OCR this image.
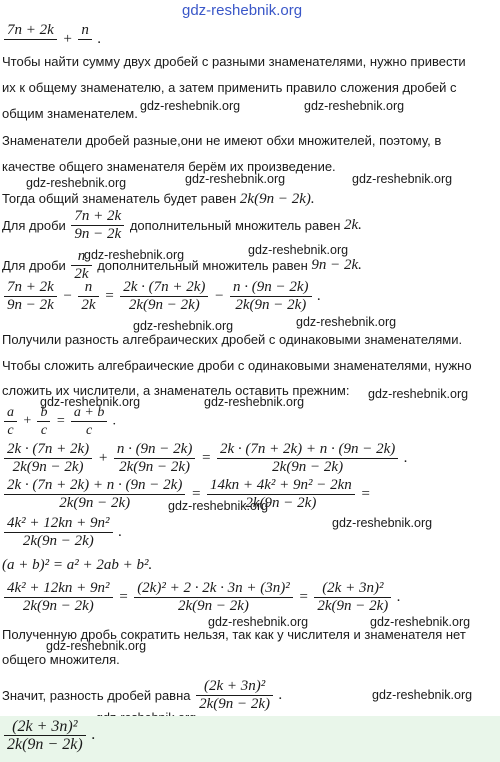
gdz-reshebnik.org
7n + 2k

+
n

.
Чтобы найти сумму двух дробей с разными знаменателями, нужно привести
их к общему знаменателю, а затем применить правило сложения дробей с
общим знаменателем. gdz-reshebnik.org	gdz-reshebnik.org
Знаменатели дробей разные,они не имеют обхи множителей, поэтому, в
качестве общего знаменателя берём их произведение.
gdz-reshebnik.org	gdz-reshebnik.org	gdz-reshebnik.org
Тогда общий знаменатель будет равен 2k(9n − 2k).
Для дроби $\frac{7n + 2k}{9n - 2k}$ дополнительный множитель равен 2k.
gdz-reshebnik.org	gdz-reshebnik.org
Для дроби $\frac{n}{2k}$ дополнительный множитель равен 9n − 2k.
$\frac{7n + 2k}{9n - 2k} - \frac{n}{2k} = \frac{2k \cdot (7n + 2k)}{2k(9n - 2k)} - \frac{n \cdot (9n - 2k)}{2k(9n - 2k)}$ .
gdz-reshebnik.org	gdz-reshebnik.org
Получили разность алгебраических дробей с одинаковыми знаменателями.
Чтобы сложить алгебраические дроби с одинаковыми знаменателями, нужно
сложить их числители, а знаменатель оставить прежним: gdz-reshebnik.org
gdz-reshebnik.org	gdz-reshebnik.org
$\frac{a}{c} + \frac{b}{c} = \frac{a + b}{c}$ .
$\frac{2k \cdot (7n + 2k)}{2k(9n - 2k)} + \frac{n \cdot (9n - 2k)}{2k(9n - 2k)} = \frac{2k \cdot (7n + 2k) + n \cdot (9n - 2k)}{2k(9n - 2k)}$ .
$\frac{2k \cdot (7n + 2k) + n \cdot (9n - 2k)}{2k(9n - 2k)} = \frac{\text{14kn + 4k² + 9n² − 2kn}}{2k(9n - 2k)}$ =
gdz-reshebnik.org
gdz-reshebnik.org
$\frac{\text{4k² + 12kn + 9n²}}{2k(9n - 2k)}$ .
(a + b)² = a² + 2ab + b².
$\frac{\text{4k² + 12kn + 9n²}}{2k(9n - 2k)} = \frac{\text{(2k)² + 2 · 2k · 3n + (3n)²}}{2k(9n - 2k)} = \frac{\text{(2k + 3n)²}}{2k(9n - 2k)}$ .
gdz-reshebnik.org	gdz-reshebnik.org
Полученную дробь сократить нельзя, так как у числителя и знаменателя нет
gdz-reshebnik.org
общего множителя.
Значит, разность дробей равна $\frac{\text{(2k + 3n)²}}{2k(9n - 2k)}$ .	gdz-reshebnik.org
$\frac{\text{(2k + 3n)²}}{2k(9n - 2k)}$ .
